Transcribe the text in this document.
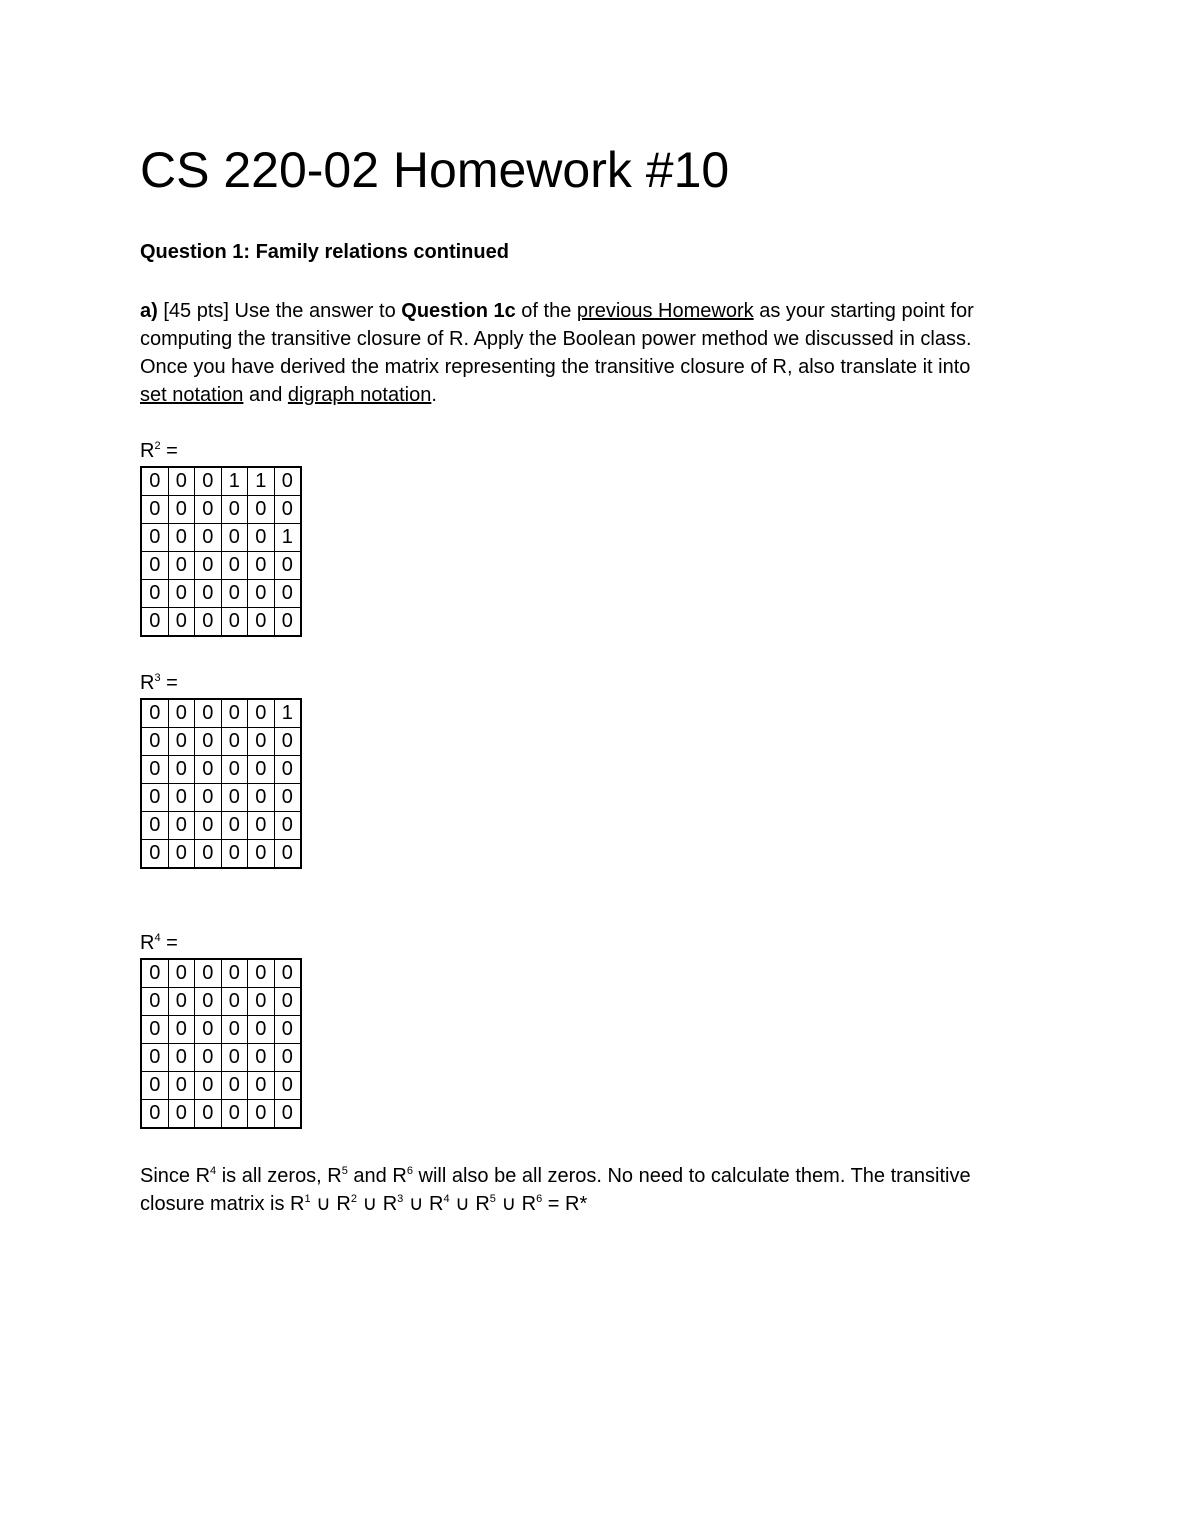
CS 220-02 Homework #10
Question 1: Family relations continued
a) [45 pts] Use the answer to Question 1c of the previous Homework as your starting point for
computing the transitive closure of R. Apply the Boolean power method we discussed in class.
Once you have derived the matrix representing the transitive closure of R, also translate it into
set notation and digraph notation.
$R^2$ =
0	0	0	1	1	0
0	0	0	0	0	0
0	0	0	0	0	1
0	0	0	0	0	0
0	0	0	0	0	0
0	0	0	0	0	0
$R^3$ =
0	0	0	0	0	1
0	0	0	0	0	0
0	0	0	0	0	0
0	0	0	0	0	0
0	0	0	0	0	0
0	0	0	0	0	0
$R^4$ =
0	0	0	0	0	0
0	0	0	0	0	0
0	0	0	0	0	0
0	0	0	0	0	0
0	0	0	0	0	0
0	0	0	0	0	0
Since $R^4$ is all zeros, $R^5$ and $R^6$ will also be all zeros. No need to calculate them. The transitive
closure matrix is $R^1$ ∪ $R^2$ ∪ $R^3$ ∪ $R^4$ ∪ $R^5$ ∪ $R^6 = R*$
